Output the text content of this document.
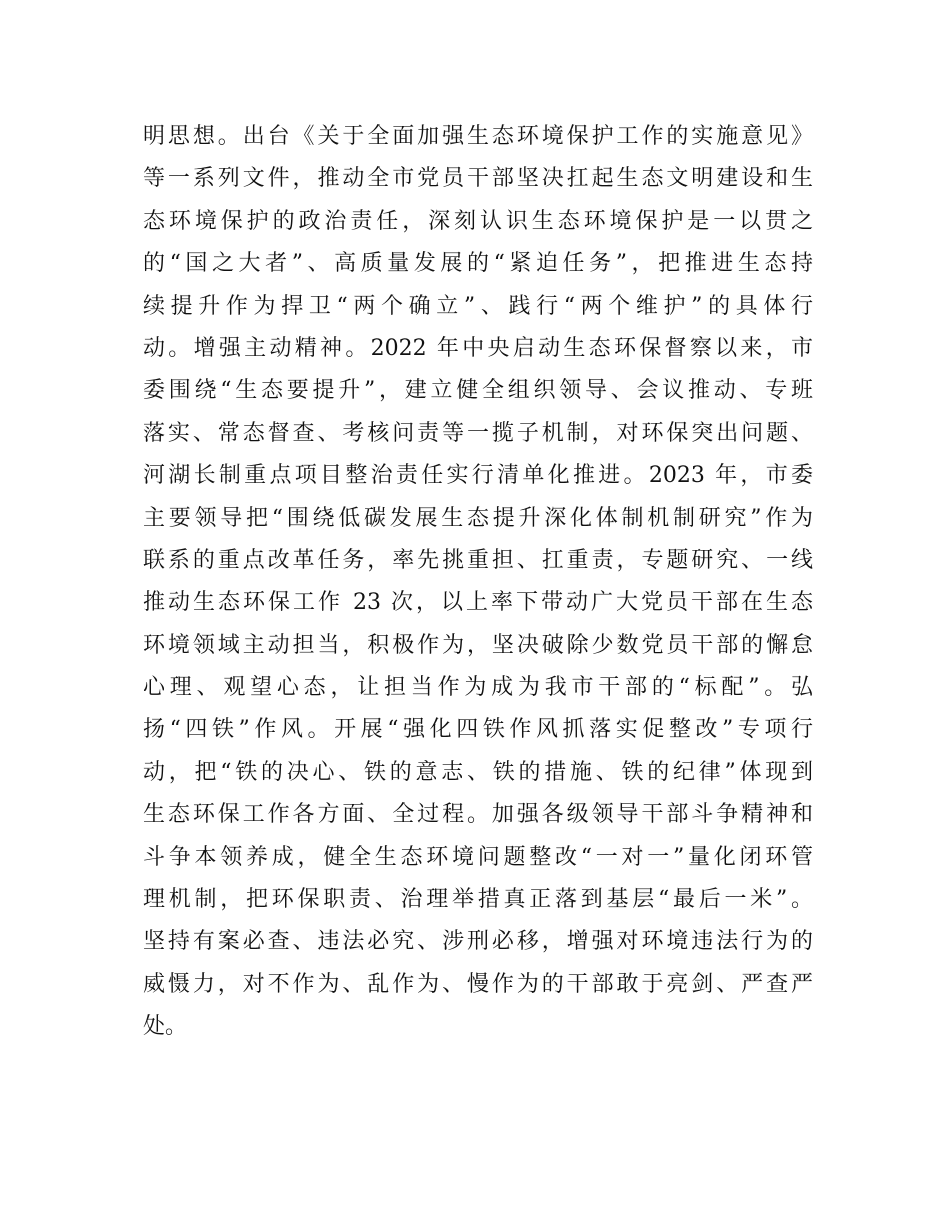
明思想。出台《关于全面加强生态环境保护工作的实施意见》
等一系列文件，推动全市党员干部坚决扛起生态文明建设和生
态环境保护的政治责任，深刻认识生态环境保护是一以贯之
的“国之大者”、高质量发展的“紧迫任务”，把推进生态持
续提升作为捍卫“两个确立”、践行“两个维护”的具体行
动。增强主动精神。2022 年中央启动生态环保督察以来，市
委围绕“生态要提升”，建立健全组织领导、会议推动、专班
落实、常态督查、考核问责等一揽子机制，对环保突出问题、
河湖长制重点项目整治责任实行清单化推进。2023 年，市委
主要领导把“围绕低碳发展生态提升深化体制机制研究”作为
联系的重点改革任务，率先挑重担、扛重责，专题研究、一线
推动生态环保工作 23 次，以上率下带动广大党员干部在生态
环境领域主动担当，积极作为，坚决破除少数党员干部的懈怠
心理、观望心态，让担当作为成为我市干部的“标配”。弘
扬“四铁”作风。开展“强化四铁作风抓落实促整改”专项行
动，把“铁的决心、铁的意志、铁的措施、铁的纪律”体现到
生态环保工作各方面、全过程。加强各级领导干部斗争精神和
斗争本领养成，健全生态环境问题整改“一对一”量化闭环管
理机制，把环保职责、治理举措真正落到基层“最后一米”。
坚持有案必查、违法必究、涉刑必移，增强对环境违法行为的
威慑力，对不作为、乱作为、慢作为的干部敢于亮剑、严查严
处。
